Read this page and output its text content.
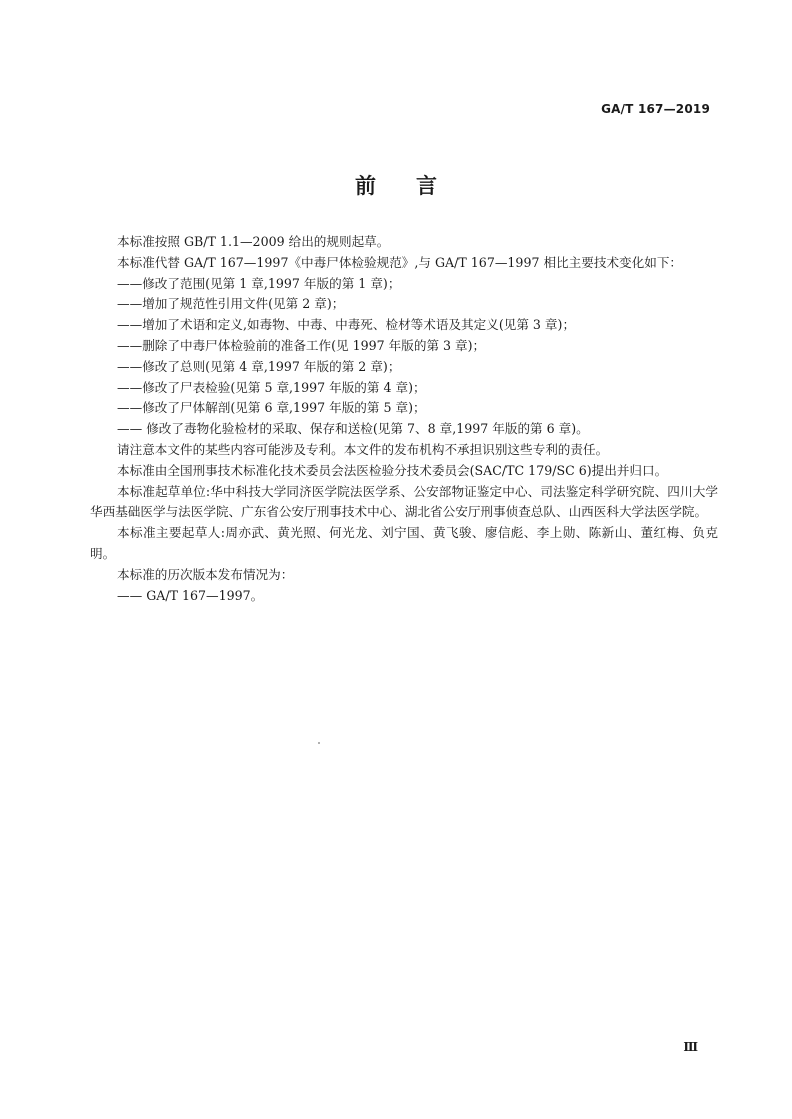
GA/T 167—2019
前言

本标准按照 GB/T 1.1—2009 给出的规则起草。

本标准代替 GA/T 167—1997《中毒尸体检验规范》,与 GA/T 167—1997 相比主要技术变化如下：

——修改了范围(见第 1 章,1997 年版的第 1 章)；

——增加了规范性引用文件(见第 2 章)；

——增加了术语和定义,如毒物、中毒、中毒死、检材等术语及其定义(见第 3 章)；

——删除了中毒尸体检验前的准备工作(见 1997 年版的第 3 章)；

——修改了总则(见第 4 章,1997 年版的第 2 章)；

——修改了尸表检验(见第 5 章,1997 年版的第 4 章)；

——修改了尸体解剖(见第 6 章,1997 年版的第 5 章)；

—— 修改了毒物化验检材的采取、保存和送检(见第 7、8 章,1997 年版的第 6 章)。

请注意本文件的某些内容可能涉及专利。本文件的发布机构不承担识别这些专利的责任。

本标准由全国刑事技术标准化技术委员会法医检验分技术委员会(SAC/TC 179/SC 6)提出并归口。

本标准起草单位:华中科技大学同济医学院法医学系、公安部物证鉴定中心、司法鉴定科学研究院、四川大学华西基础医学与法医学院、广东省公安厅刑事技术中心、湖北省公安厅刑事侦查总队、山西医科大学法医学院。

本标准主要起草人:周亦武、黄光照、何光龙、刘宁国、黄飞骏、廖信彪、李上勋、陈新山、董红梅、负克明。

本标准的历次版本发布情况为：

—— GA/T 167—1997。

Ⅲ
